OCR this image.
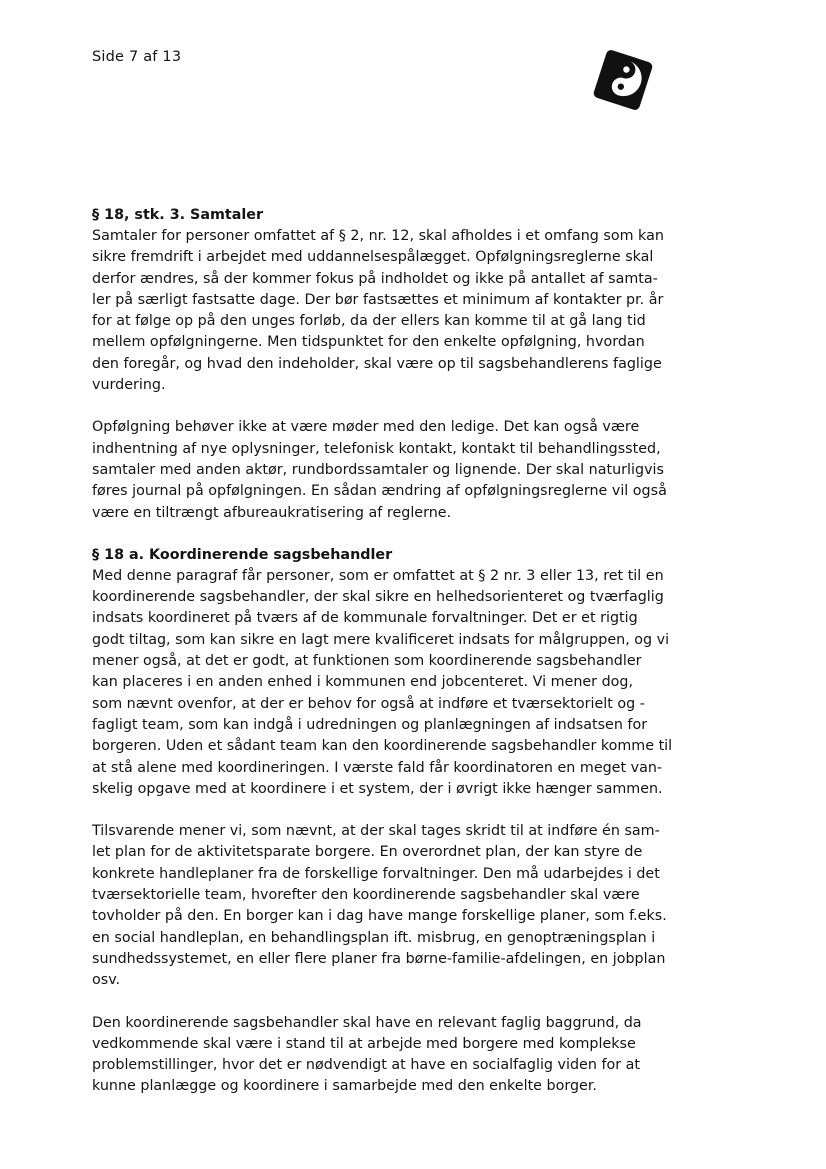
Side 7 af 13
§ 18, stk. 3. Samtaler

Samtaler for personer omfattet af § 2, nr. 12, skal afholdes i et omfang som kan
sikre fremdrift i arbejdet med uddannelsespålægget. Opfølgningsreglerne skal
derfor ændres, så der kommer fokus på indholdet og ikke på antallet af samta-
ler på særligt fastsatte dage. Der bør fastsættes et minimum af kontakter pr. år
for at følge op på den unges forløb, da der ellers kan komme til at gå lang tid
mellem opfølgningerne. Men tidspunktet for den enkelte opfølgning, hvordan
den foregår, og hvad den indeholder, skal være op til sagsbehandlerens faglige
vurdering.

Opfølgning behøver ikke at være møder med den ledige. Det kan også være
indhentning af nye oplysninger, telefonisk kontakt, kontakt til behandlingssted,
samtaler med anden aktør, rundbordssamtaler og lignende. Der skal naturligvis
føres journal på opfølgningen. En sådan ændring af opfølgningsreglerne vil også
være en tiltrængt afbureaukratisering af reglerne.

§ 18 a. Koordinerende sagsbehandler

Med denne paragraf får personer, som er omfattet at § 2 nr. 3 eller 13, ret til en
koordinerende sagsbehandler, der skal sikre en helhedsorienteret og tværfaglig
indsats koordineret på tværs af de kommunale forvaltninger. Det er et rigtig
godt tiltag, som kan sikre en lagt mere kvalificeret indsats for målgruppen, og vi
mener også, at det er godt, at funktionen som koordinerende sagsbehandler
kan placeres i en anden enhed i kommunen end jobcenteret. Vi mener dog,
som nævnt ovenfor, at der er behov for også at indføre et tværsektorielt og -
fagligt team, som kan indgå i udredningen og planlægningen af indsatsen for
borgeren. Uden et sådant team kan den koordinerende sagsbehandler komme til
at stå alene med koordineringen. I værste fald får koordinatoren en meget van-
skelig opgave med at koordinere i et system, der i øvrigt ikke hænger sammen.

Tilsvarende mener vi, som nævnt, at der skal tages skridt til at indføre én sam-
let plan for de aktivitetsparate borgere. En overordnet plan, der kan styre de
konkrete handleplaner fra de forskellige forvaltninger. Den må udarbejdes i det
tværsektorielle team, hvorefter den koordinerende sagsbehandler skal være
tovholder på den. En borger kan i dag have mange forskellige planer, som f.eks.
en social handleplan, en behandlingsplan ift. misbrug, en genoptræningsplan i
sundhedssystemet, en eller flere planer fra børne-familie-afdelingen, en jobplan
osv.

Den koordinerende sagsbehandler skal have en relevant faglig baggrund, da
vedkommende skal være i stand til at arbejde med borgere med komplekse
problemstillinger, hvor det er nødvendigt at have en socialfaglig viden for at
kunne planlægge og koordinere i samarbejde med den enkelte borger.
